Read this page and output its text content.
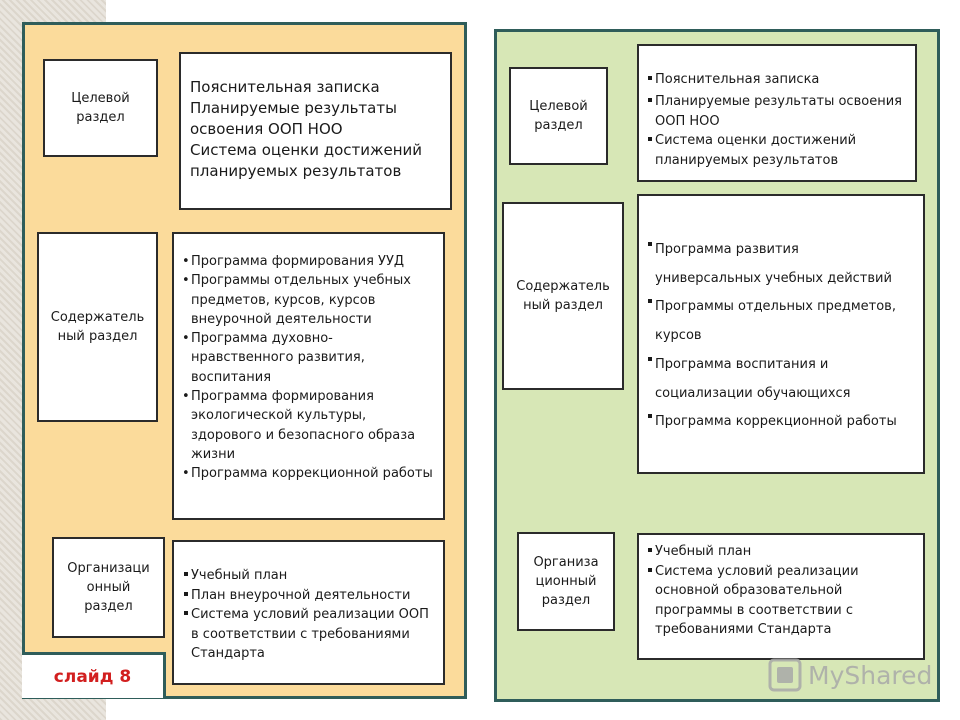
Целевой
раздел
Пояснительная записка
Планируемые результаты освоения ООП НОО
Система оценки достижений планируемых результатов
Содержатель
ный раздел
• Программа формирования УУД
• Программы отдельных учебных предметов, курсов, курсов внеурочной деятельности
• Программа духовно-нравственного развития, воспитания
• Программа формирования экологической культуры, здорового и безопасного образа жизни
• Программа коррекционной работы
Организаци
онный
раздел
Учебный план
План внеурочной деятельности
Система условий реализации ООП в соответствии с требованиями Стандарта
слайд 8
Целевой
раздел
Пояснительная записка
Планируемые результаты освоения ООП НОО
Система оценки достижений планируемых результатов
Содержатель
ный раздел
Программа развития универсальных учебных действий
Программы отдельных предметов, курсов
Программа воспитания и социализации обучающихся
Программа коррекционной работы
Организа
ционный
раздел
Учебный план
Система условий реализации основной образовательной программы в соответствии с требованиями Стандарта
MyShared
